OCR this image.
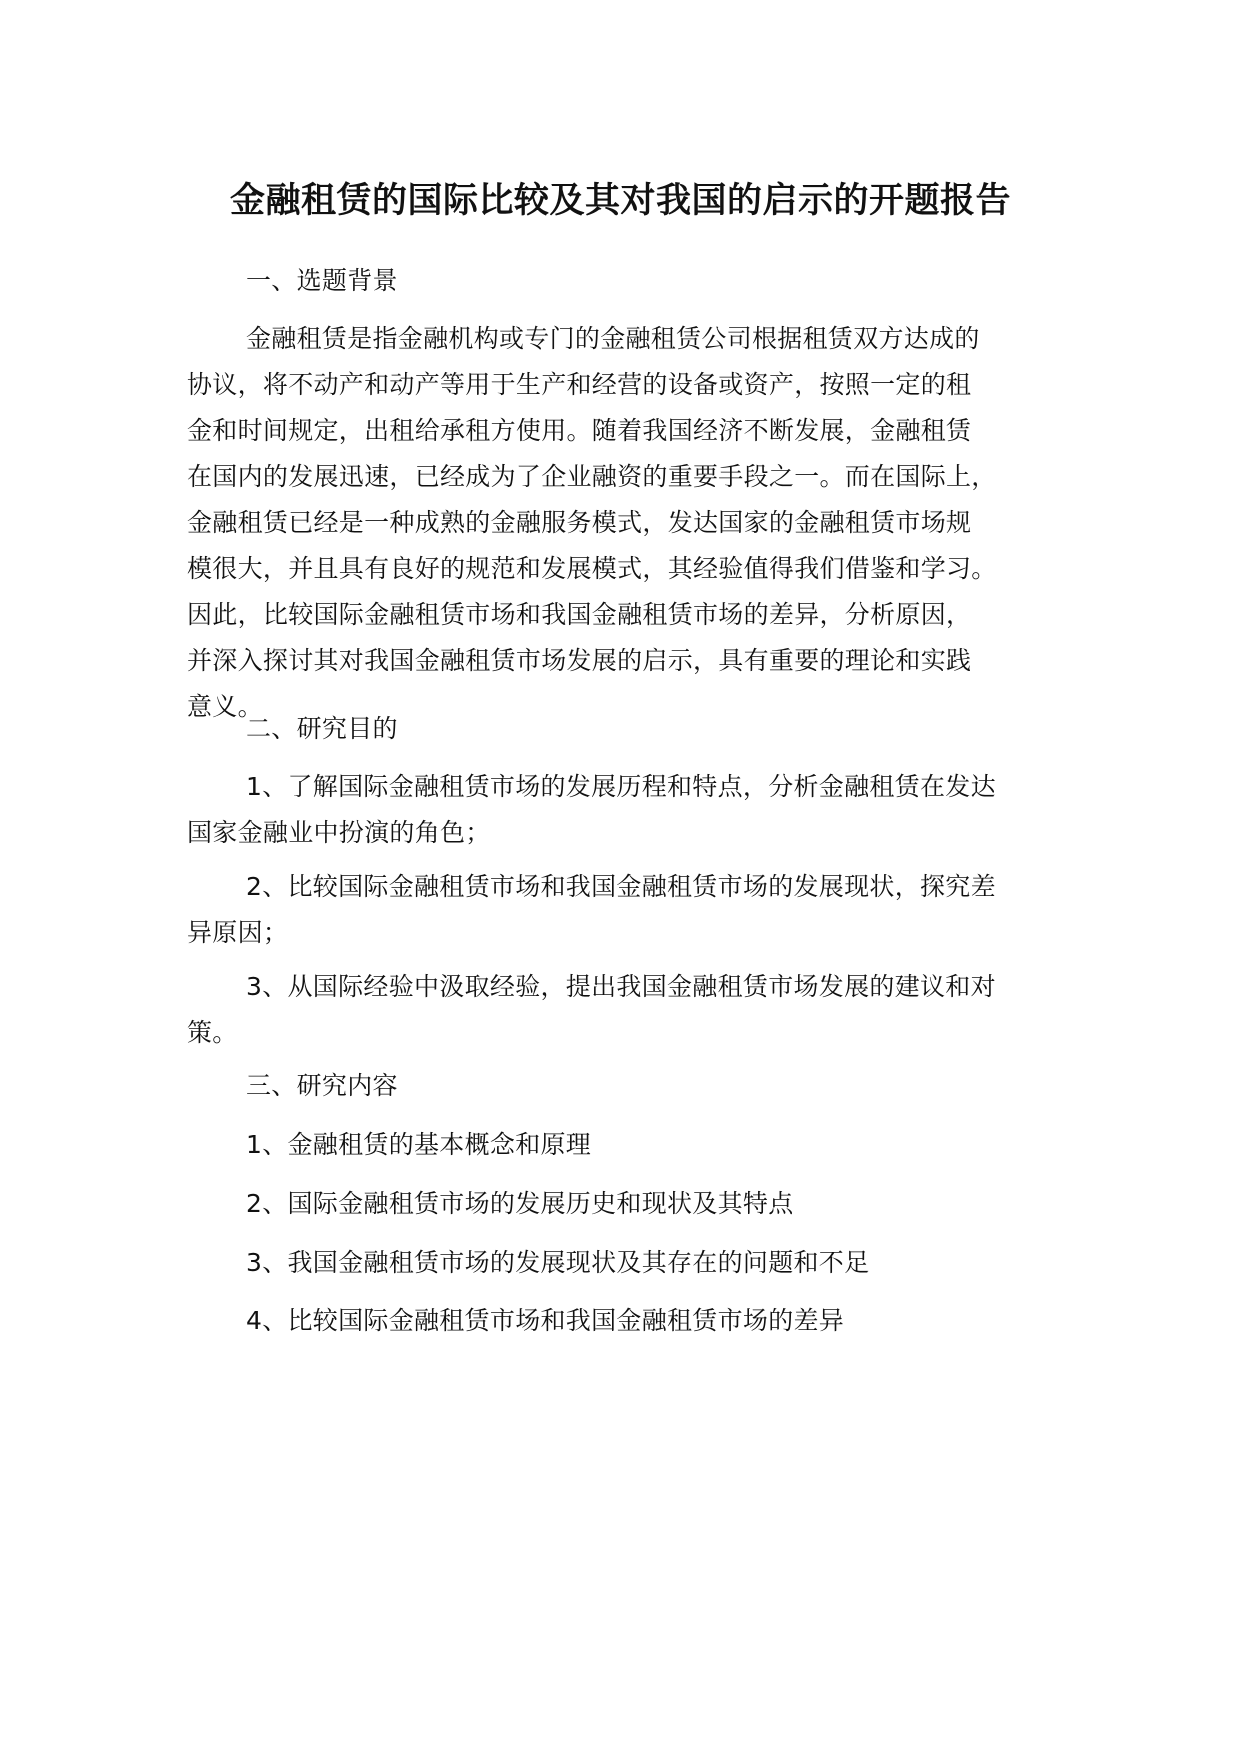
金融租赁的国际比较及其对我国的启示的开题报告
一、选题背景

金融租赁是指金融机构或专门的金融租赁公司根据租赁双方达成的
协议，将不动产和动产等用于生产和经营的设备或资产，按照一定的租
金和时间规定，出租给承租方使用。随着我国经济不断发展，金融租赁
在国内的发展迅速，已经成为了企业融资的重要手段之一。而在国际上，
金融租赁已经是一种成熟的金融服务模式，发达国家的金融租赁市场规
模很大，并且具有良好的规范和发展模式，其经验值得我们借鉴和学习。
因此，比较国际金融租赁市场和我国金融租赁市场的差异，分析原因，
并深入探讨其对我国金融租赁市场发展的启示，具有重要的理论和实践
意义。

二、研究目的

1、了解国际金融租赁市场的发展历程和特点，分析金融租赁在发达
国家金融业中扮演的角色；

2、比较国际金融租赁市场和我国金融租赁市场的发展现状，探究差
异原因；

3、从国际经验中汲取经验，提出我国金融租赁市场发展的建议和对
策。

三、研究内容
1、金融租赁的基本概念和原理
2、国际金融租赁市场的发展历史和现状及其特点
3、我国金融租赁市场的发展现状及其存在的问题和不足
4、比较国际金融租赁市场和我国金融租赁市场的差异
